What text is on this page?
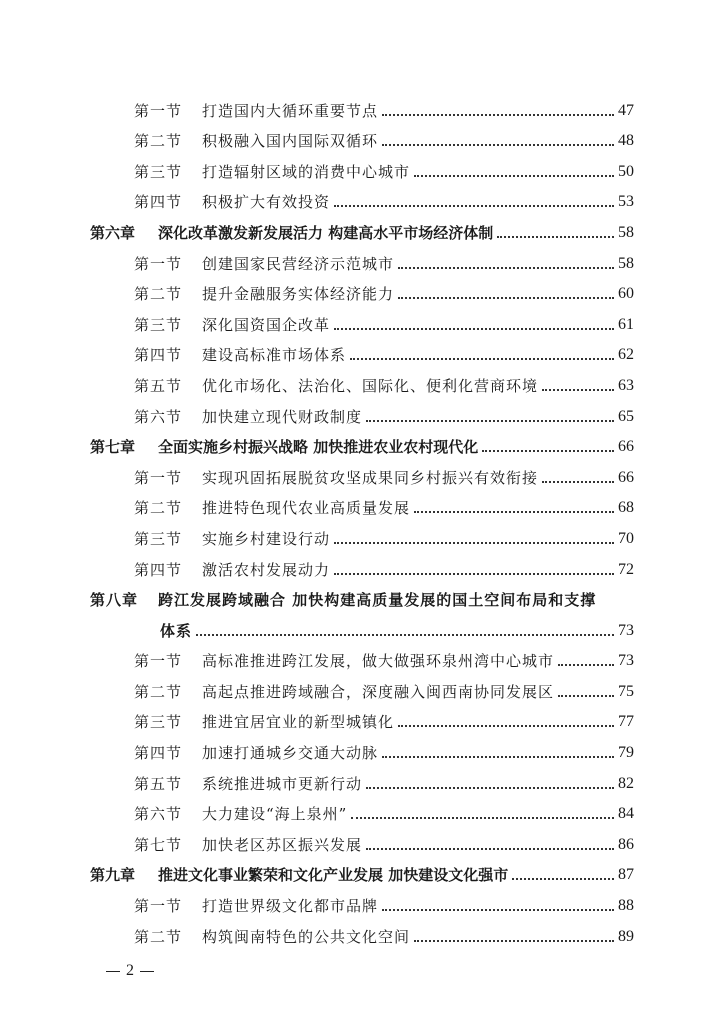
第一节	打造国内大循环重要节点	47
第二节	积极融入国内国际双循环	48
第三节	打造辐射区域的消费中心城市	50
第四节	积极扩大有效投资	53
第六章	深化改革激发新发展活力 构建高水平市场经济体制	58
第一节	创建国家民营经济示范城市	58
第二节	提升金融服务实体经济能力	60
第三节	深化国资国企改革	61
第四节	建设高标准市场体系	62
第五节	优化市场化、法治化、国际化、便利化营商环境	63
第六节	加快建立现代财政制度	65
第七章	全面实施乡村振兴战略 加快推进农业农村现代化	66
第一节	实现巩固拓展脱贫攻坚成果同乡村振兴有效衔接	66
第二节	推进特色现代农业高质量发展	68
第三节	实施乡村建设行动	70
第四节	激活农村发展动力	72
第八章	跨江发展跨域融合 加快构建高质量发展的国土空间布局和支撑
体系	73
第一节	高标准推进跨江发展，做大做强环泉州湾中心城市	73
第二节	高起点推进跨域融合，深度融入闽西南协同发展区	75
第三节	推进宜居宜业的新型城镇化	77
第四节	加速打通城乡交通大动脉	79
第五节	系统推进城市更新行动	82
第六节	大力建设“海上泉州”	84
第七节	加快老区苏区振兴发展	86
第九章	推进文化事业繁荣和文化产业发展 加快建设文化强市	87
第一节	打造世界级文化都市品牌	88
第二节	构筑闽南特色的公共文化空间	89
2
